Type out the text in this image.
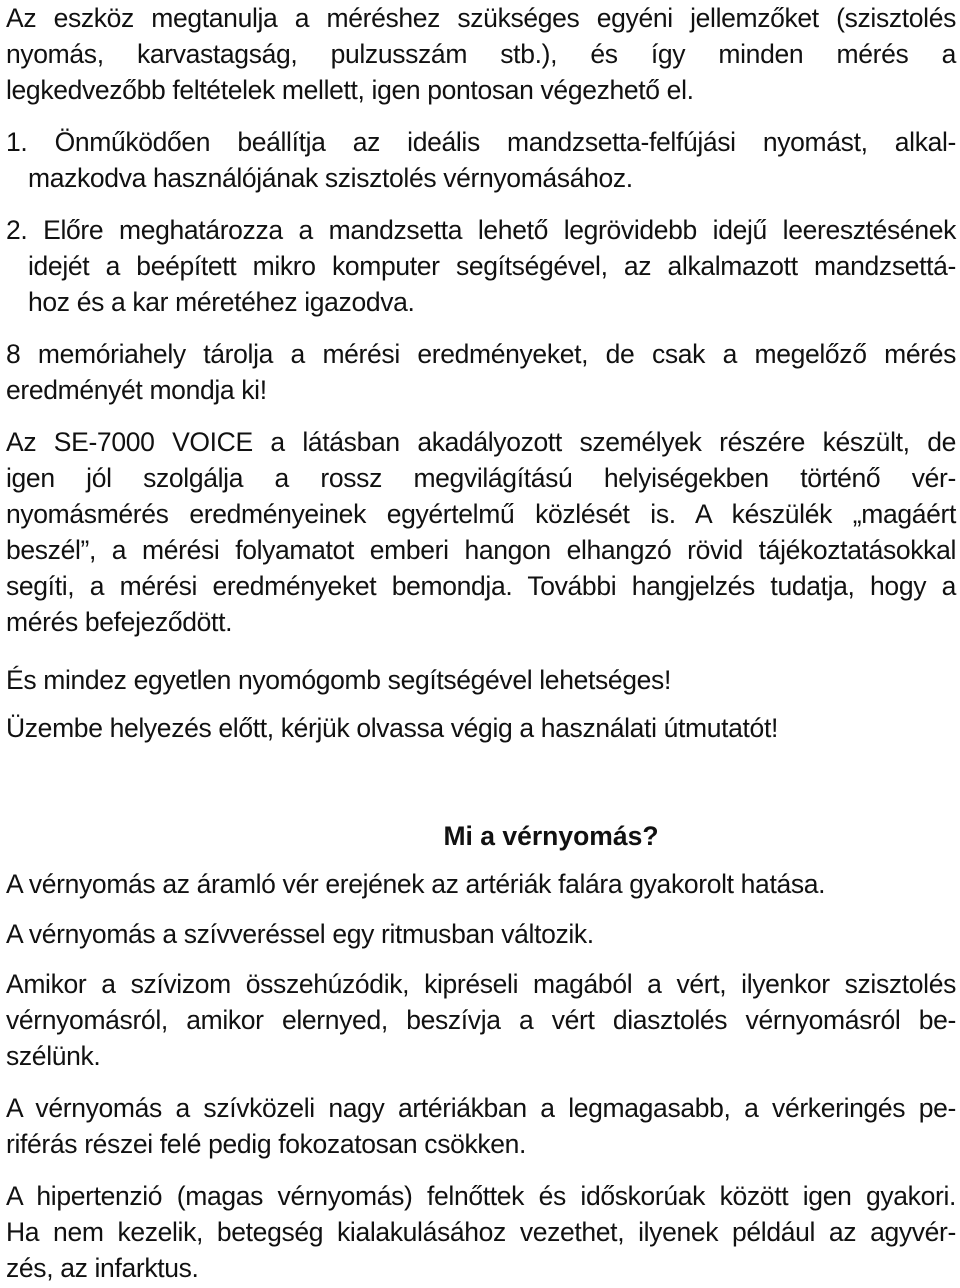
Az eszköz megtanulja a méréshez szükséges egyéni jellemzőket (szisztolés
nyomás, karvastagság, pulzusszám stb.), és így minden mérés a
legkedvezőbb feltételek mellett, igen pontosan végezhető el.
1. Önműködően beállítja az ideális mandzsetta-felfújási nyomást, alkal-
mazkodva használójának szisztolés vérnyomásához.
2. Előre meghatározza a mandzsetta lehető legrövidebb idejű leeresztésének
idejét a beépített mikro komputer segítségével, az alkalmazott mandzsettá-
hoz és a kar méretéhez igazodva.
8 memóriahely tárolja a mérési eredményeket, de csak a megelőző mérés
eredményét mondja ki!
Az SE-7000 VOICE a látásban akadályozott személyek részére készült, de
igen jól szolgálja a rossz megvilágítású helyiségekben történő vér-
nyomásmérés eredményeinek egyértelmű közlését is. A készülék „magáért
beszél”, a mérési folyamatot emberi hangon elhangzó rövid tájékoztatásokkal
segíti, a mérési eredményeket bemondja. További hangjelzés tudatja, hogy a
mérés befejeződött.
És mindez egyetlen nyomógomb segítségével lehetséges!
Üzembe helyezés előtt, kérjük olvassa végig a használati útmutatót!
Mi a vérnyomás?
A vérnyomás az áramló vér erejének az artériák falára gyakorolt hatása.
A vérnyomás a szívveréssel egy ritmusban változik.
Amikor a szívizom összehúzódik, kipréseli magából a vért, ilyenkor szisztolés
vérnyomásról, amikor elernyed, beszívja a vért diasztolés vérnyomásról be-
szélünk.
A vérnyomás a szívközeli nagy artériákban a legmagasabb, a vérkeringés pe-
riférás részei felé pedig fokozatosan csökken.
A hipertenzió (magas vérnyomás) felnőttek és időskorúak között igen gyakori.
Ha nem kezelik, betegség kialakulásához vezethet, ilyenek például az agyvér-
zés, az infarktus.
